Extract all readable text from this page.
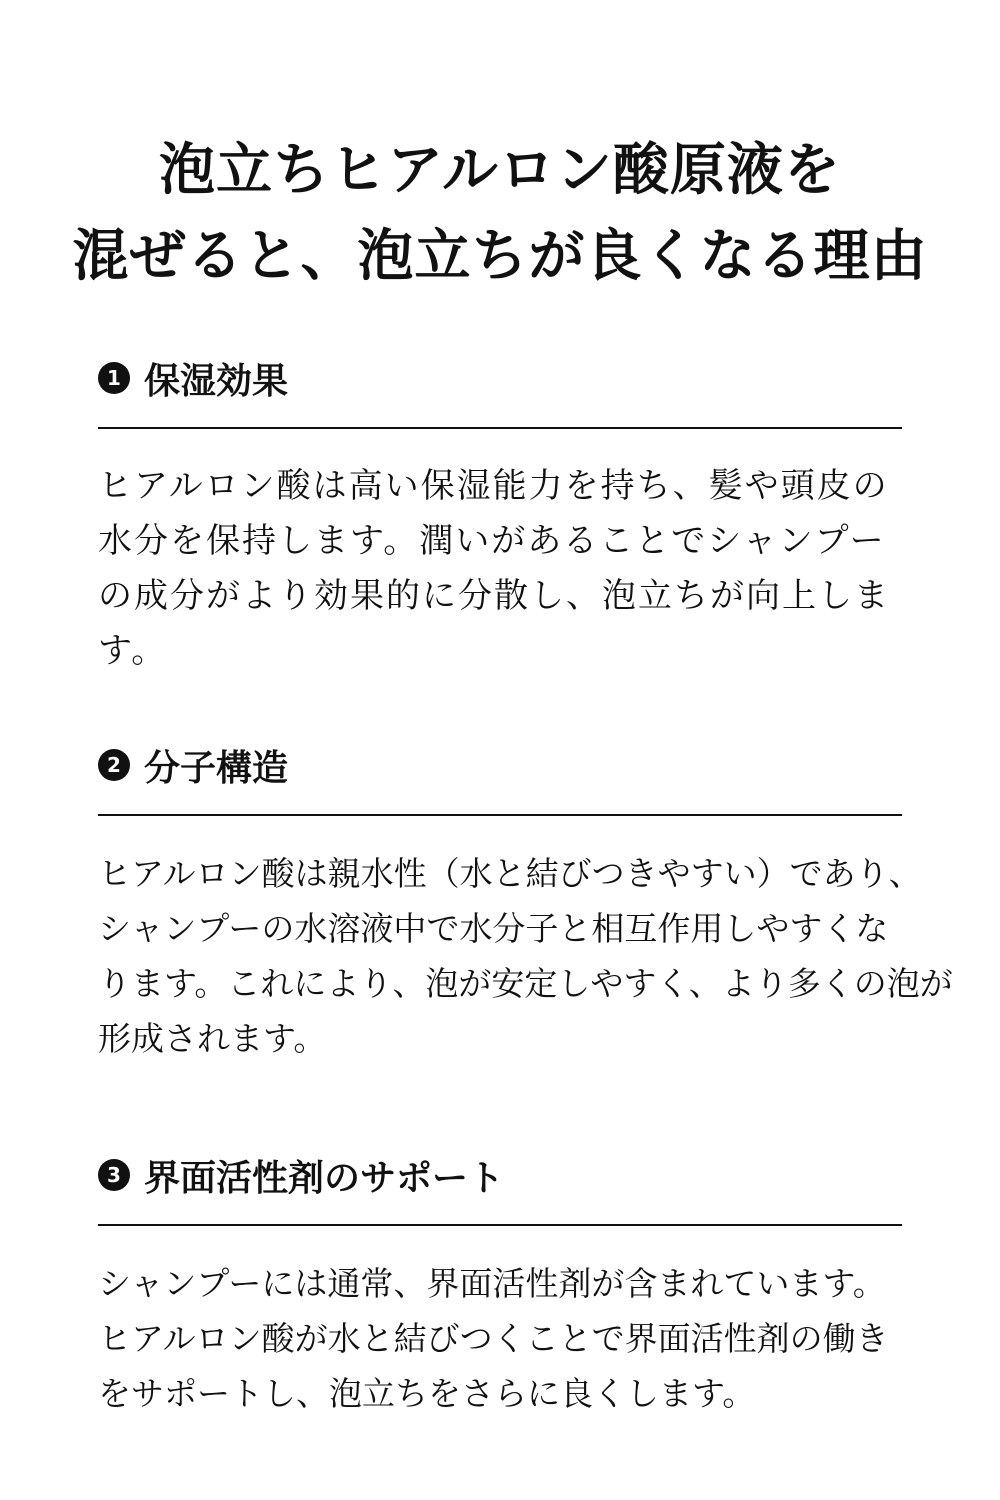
泡立ちヒアルロン酸原液を
混ぜると、泡立ちが良くなる理由
1 保湿効果

ヒアルロン酸は高い保湿能力を持ち、髪や頭皮の
水分を保持します。潤いがあることでシャンプー
の成分がより効果的に分散し、泡立ちが向上しま
す。

2 分子構造

ヒアルロン酸は親水性（水と結びつきやすい）であり、
シャンプーの水溶液中で水分子と相互作用しやすくな
ります。これにより、泡が安定しやすく、より多くの泡が
形成されます。

3 界面活性剤のサポート

シャンプーには通常、界面活性剤が含まれています。
ヒアルロン酸が水と結びつくことで界面活性剤の働き
をサポートし、泡立ちをさらに良くします。
